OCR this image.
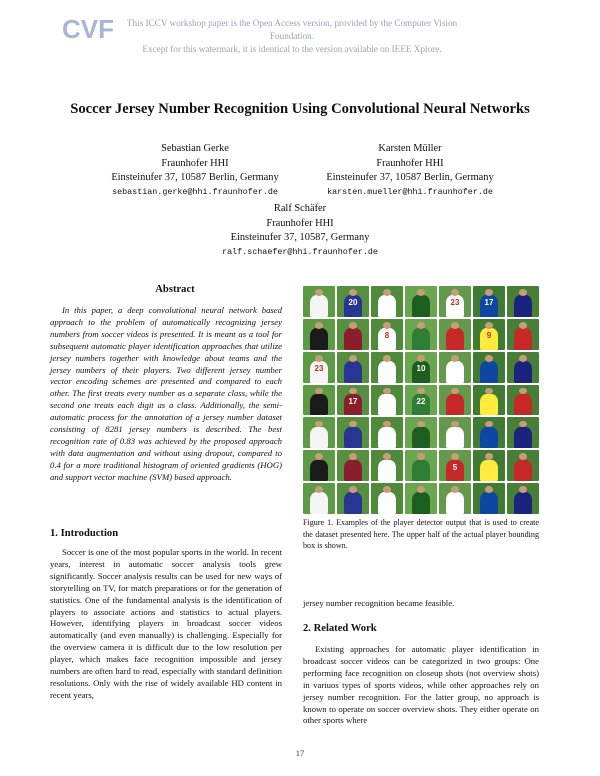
CVF	This ICCV workshop paper is the Open Access version, provided by the Computer Vision Foundation.
Except for this watermark, it is identical to the version available on IEEE Xplore.
Soccer Jersey Number Recognition Using Convolutional Neural Networks
Sebastian Gerke
Fraunhofer HHI
Einsteinufer 37, 10587 Berlin, Germany
sebastian.gerke@hhi.fraunhofer.de
Karsten Müller
Fraunhofer HHI
Einsteinufer 37, 10587 Berlin, Germany
karsten.mueller@hhi.fraunhofer.de
Ralf Schäfer
Fraunhofer HHI
Einsteinufer 37, 10587, Germany
ralf.schaefer@hhi.fraunhofer.de
Abstract

In this paper, a deep convolutional neural network based approach to the problem of automatically recognizing jersey numbers from soccer videos is presented. It is meant as a tool for subsequent automatic player identification approaches that utilize jersey numbers together with knowledge about teams and the jersey numbers of their players. Two different jersey number vector encoding schemes are presented and compared to each other. The first treats every number as a separate class, while the second one treats each digit as a class. Additionally, the semi-automatic process for the annotation of a jersey number dataset consisting of 8281 jersey numbers is described. The best recognition rate of 0.83 was achieved by the proposed approach with data augmentation and without using dropout, compared to 0.4 for a more traditional histogram of oriented gradients (HOG) and support vector machine (SVM) based approach.

1. Introduction

Soccer is one of the most popular sports in the world. In recent years, interest in automatic soccer analysis tools grew significantly. Soccer analysis results can be used for new ways of storytelling on TV, for match preparations or for the generation of statistics. One of the fundamental analysis is the identification of players to associate actions and statistics to actual players. However, identifying players in broadcast soccer videos automatically (and even manually) is challenging. Especially for the overview camera it is difficult due to the low resolution per player, which makes face recognition impossible and jersey numbers are often hard to read, especially with standard definition resolutions. Only with the rise of widely available HD content in recent years,

20	23	17
8	9
23	10
17	22
5
Figure 1. Examples of the player detector output that is used to create the dataset presented here. The upper half of the actual player bounding box is shown.
jersey number recognition became feasible.
2. Related Work

Existing approaches for automatic player identification in broadcast soccer videos can be categorized in two groups: One performing face recognition on closeup shots (not overview shots) in variuos types of sports videos, while other approaches rely on jersey number recognition. For the latter group, no approach is known to operate on soccer overview shots. They either operate on other sports where

17
